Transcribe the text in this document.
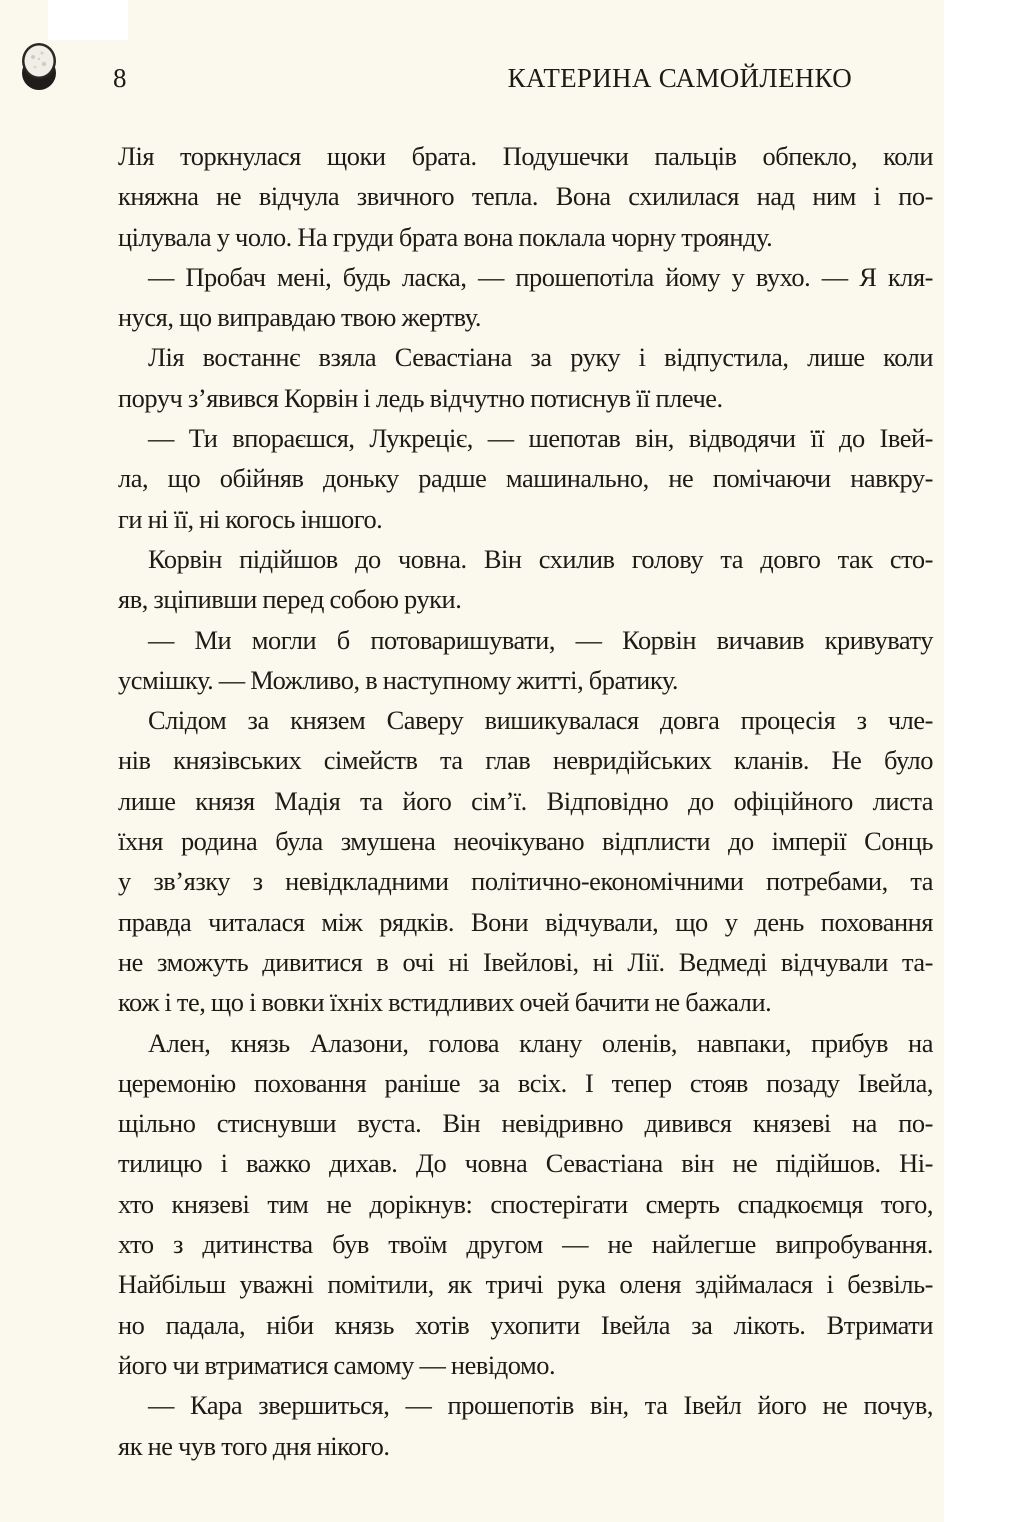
8	КАТЕРИНА САМОЙЛЕНКО
Лія торкнулася щоки брата. Подушечки пальців обпекло, коли
княжна не відчула звичного тепла. Вона схилилася над ним і по-
цілувала у чоло. На груди брата вона поклала чорну троянду.
— Пробач мені, будь ласка, — прошепотіла йому у вухо. — Я кля-
нуся, що виправдаю твою жертву.
Лія востаннє взяла Севастіана за руку і відпустила, лише коли
поруч з’явився Корвін і ледь відчутно потиснув її плече.
— Ти впораєшся, Лукреціє, — шепотав він, відводячи її до Івей-
ла, що обійняв доньку радше машинально, не помічаючи навкру-
ги ні її, ні когось іншого.
Корвін підійшов до човна. Він схилив голову та довго так сто-
яв, зціпивши перед собою руки.
— Ми могли б потоваришувати, — Корвін вичавив кривувату
усмішку. — Можливо, в наступному житті, братику.
Слідом за князем Саверу вишикувалася довга процесія з чле-
нів князівських сімейств та глав невридійських кланів. Не було
лише князя Мадія та його сім’ї. Відповідно до офіційного листа
їхня родина була змушена неочікувано відплисти до імперії Сонць
у зв’язку з невідкладними політично-економічними потребами, та
правда читалася між рядків. Вони відчували, що у день поховання
не зможуть дивитися в очі ні Івейлові, ні Лії. Ведмеді відчували та-
кож і те, що і вовки їхніх встидливих очей бачити не бажали.
Ален, князь Алазони, голова клану оленів, навпаки, прибув на
церемонію поховання раніше за всіх. І тепер стояв позаду Івейла,
щільно стиснувши вуста. Він невідривно дивився князеві на по-
тилицю і важко дихав. До човна Севастіана він не підійшов. Ні-
хто князеві тим не дорікнув: спостерігати смерть спадкоємця того,
хто з дитинства був твоїм другом — не найлегше випробування.
Найбільш уважні помітили, як тричі рука оленя здіймалася і безвіль-
но падала, ніби князь хотів ухопити Івейла за лікоть. Втримати
його чи втриматися самому — невідомо.
— Кара звершиться, — прошепотів він, та Івейл його не почув,
як не чув того дня нікого.
